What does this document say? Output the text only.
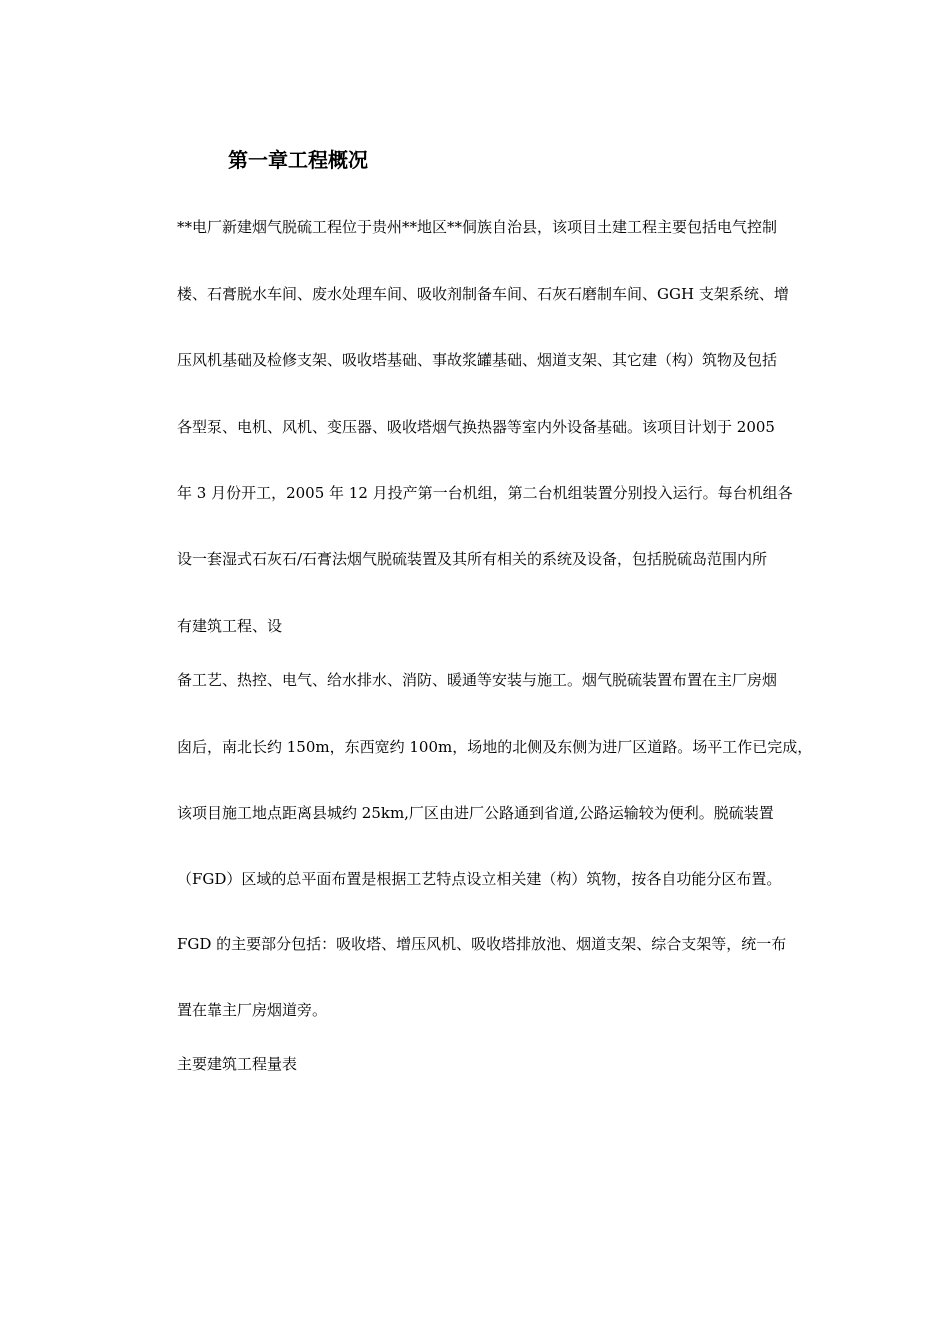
第一章工程概况
**电厂新建烟气脱硫工程位于贵州**地区**侗族自治县，该项目土建工程主要包括电气控制
楼、石膏脱水车间、废水处理车间、吸收剂制备车间、石灰石磨制车间、GGH 支架系统、增
压风机基础及检修支架、吸收塔基础、事故浆罐基础、烟道支架、其它建（构）筑物及包括
各型泵、电机、风机、变压器、吸收塔烟气换热器等室内外设备基础。该项目计划于 2005
年 3 月份开工，2005 年 12 月投产第一台机组，第二台机组装置分别投入运行。每台机组各
设一套湿式石灰石/石膏法烟气脱硫装置及其所有相关的系统及设备，包括脱硫岛范围内所
有建筑工程、设
备工艺、热控、电气、给水排水、消防、暖通等安装与施工。烟气脱硫装置布置在主厂房烟
囱后，南北长约 150m，东西宽约 100m，场地的北侧及东侧为进厂区道路。场平工作已完成，
该项目施工地点距离县城约 25km,厂区由进厂公路通到省道,公路运输较为便利。脱硫装置
（FGD）区域的总平面布置是根据工艺特点设立相关建（构）筑物，按各自功能分区布置。
FGD 的主要部分包括：吸收塔、增压风机、吸收塔排放池、烟道支架、综合支架等，统一布
置在靠主厂房烟道旁。
主要建筑工程量表
